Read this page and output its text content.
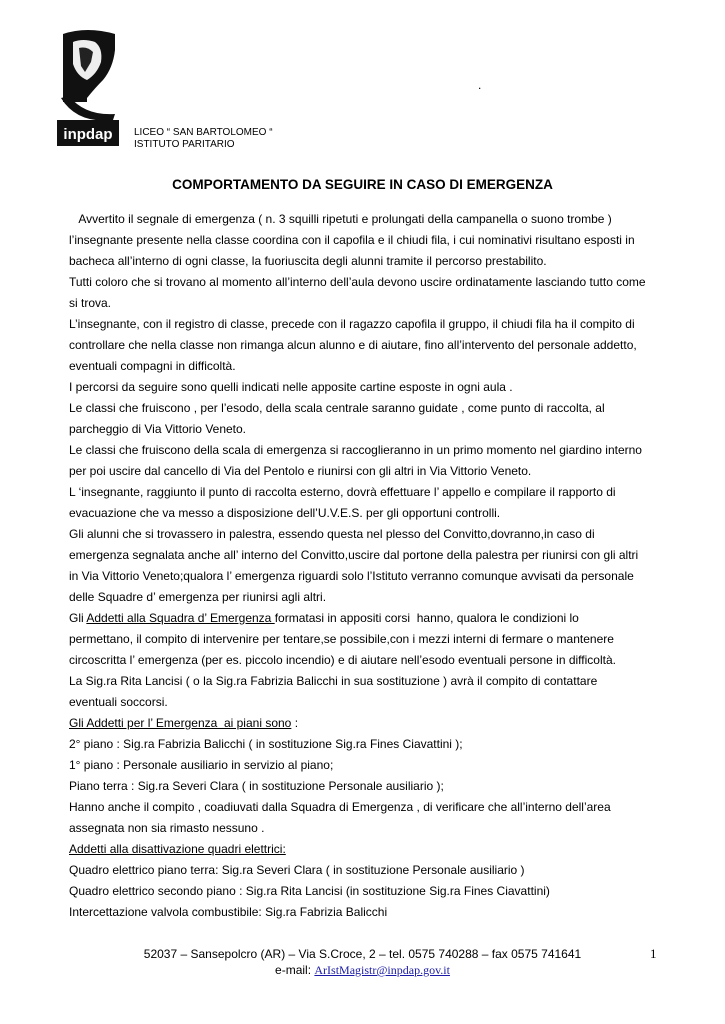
inpdap
.
LICEO “ SAN BARTOLOMEO “
ISTITUTO PARITARIO
COMPORTAMENTO DA SEGUIRE IN CASO DI EMERGENZA
Avvertito il segnale di emergenza ( n. 3 squilli ripetuti e prolungati della campanella o suono trombe )
l’insegnante presente nella classe coordina con il capofila e il chiudi fila, i cui nominativi risultano esposti in
bacheca all’interno di ogni classe, la fuoriuscita degli alunni tramite il percorso prestabilito.
Tutti coloro che si trovano al momento all’interno dell’aula devono uscire ordinatamente lasciando tutto come
si trova.
L’insegnante, con il registro di classe, precede con il ragazzo capofila il gruppo, il chiudi fila ha il compito di
controllare che nella classe non rimanga alcun alunno e di aiutare, fino all’intervento del personale addetto,
eventuali compagni in difficoltà.
I percorsi da seguire sono quelli indicati nelle apposite cartine esposte in ogni aula .
Le classi che fruiscono , per l’esodo, della scala centrale saranno guidate , come punto di raccolta, al
parcheggio di Via Vittorio Veneto.
Le classi che fruiscono della scala di emergenza si raccoglieranno in un primo momento nel giardino interno
per poi uscire dal cancello di Via del Pentolo e riunirsi con gli altri in Via Vittorio Veneto.
L ‘insegnante, raggiunto il punto di raccolta esterno, dovrà effettuare l’ appello e compilare il rapporto di
evacuazione che va messo a disposizione dell’U.V.E.S. per gli opportuni controlli.
Gli alunni che si trovassero in palestra, essendo questa nel plesso del Convitto,dovranno,in caso di
emergenza segnalata anche all’ interno del Convitto,uscire dal portone della palestra per riunirsi con gli altri
in Via Vittorio Veneto;qualora l’ emergenza riguardi solo l’Istituto verranno comunque avvisati da personale
delle Squadre d’ emergenza per riunirsi agli altri.
Gli Addetti alla Squadra d’ Emergenza formatasi in appositi corsi  hanno, qualora le condizioni lo
permettano, il compito di intervenire per tentare,se possibile,con i mezzi interni di fermare o mantenere
circoscritta l’ emergenza (per es. piccolo incendio) e di aiutare nell’esodo eventuali persone in difficoltà.
La Sig.ra Rita Lancisi ( o la Sig.ra Fabrizia Balicchi in sua sostituzione ) avrà il compito di contattare
eventuali soccorsi.
Gli Addetti per l’ Emergenza  ai piani sono :
2° piano : Sig.ra Fabrizia Balicchi ( in sostituzione Sig.ra Fines Ciavattini );
1° piano : Personale ausiliario in servizio al piano;
Piano terra : Sig.ra Severi Clara ( in sostituzione Personale ausiliario );
Hanno anche il compito , coadiuvati dalla Squadra di Emergenza , di verificare che all’interno dell’area
assegnata non sia rimasto nessuno .
Addetti alla disattivazione quadri elettrici:
Quadro elettrico piano terra: Sig.ra Severi Clara ( in sostituzione Personale ausiliario )
Quadro elettrico secondo piano : Sig.ra Rita Lancisi (in sostituzione Sig.ra Fines Ciavattini)
Intercettazione valvola combustibile: Sig.ra Fabrizia Balicchi
52037 – Sansepolcro (AR) – Via S.Croce, 2 – tel. 0575 740288 – fax 0575 741641
e-mail: ArIstMagistr@inpdap.gov.it
1
